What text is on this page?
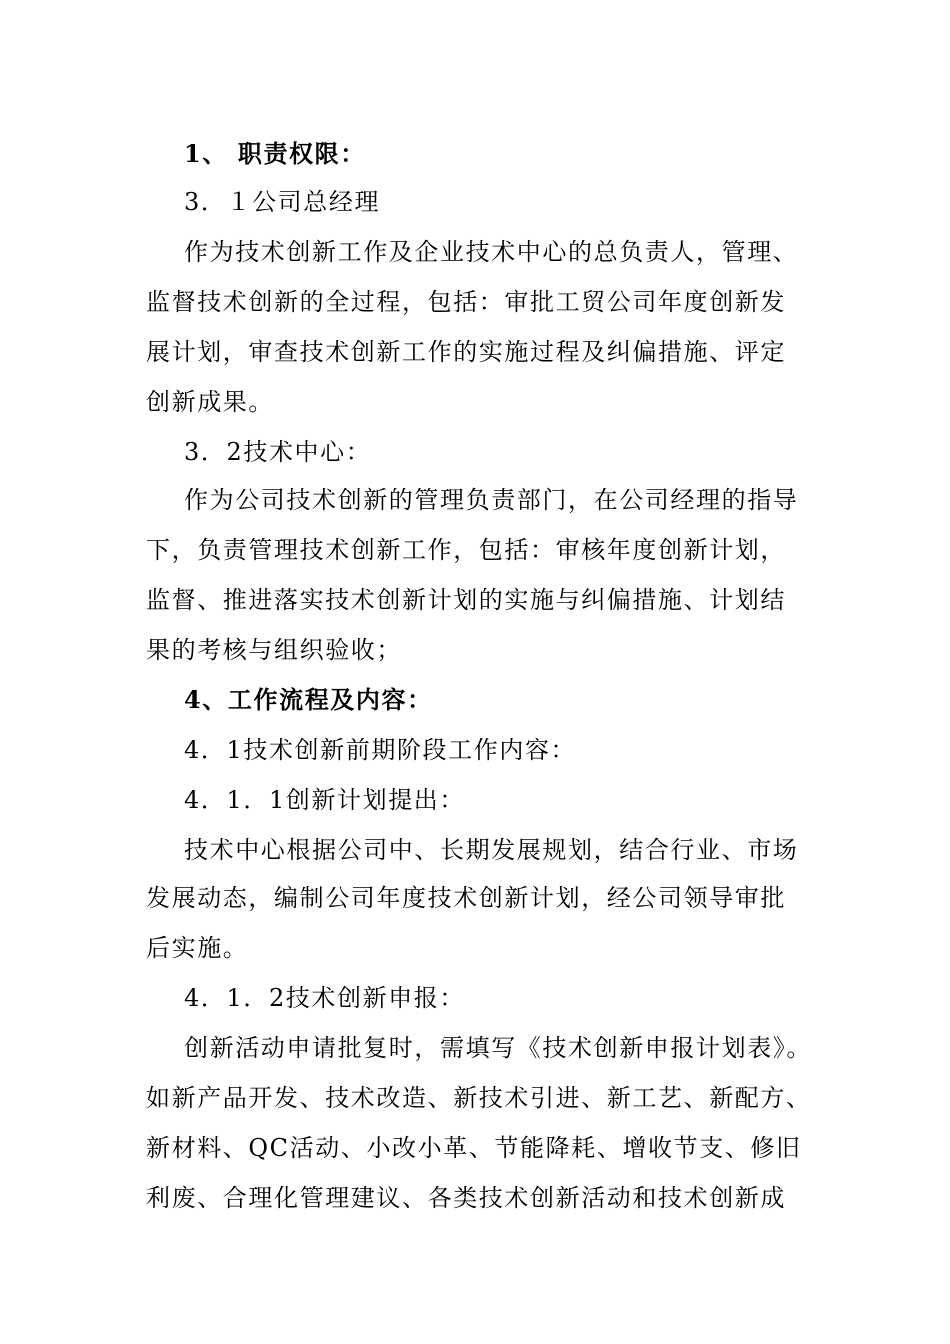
1、 职责权限：
3．１公司总经理
作为技术创新工作及企业技术中心的总负责人，管理、
监督技术创新的全过程，包括：审批工贸公司年度创新发
展计划，审查技术创新工作的实施过程及纠偏措施、评定
创新成果。
3．2技术中心：
作为公司技术创新的管理负责部门，在公司经理的指导
下，负责管理技术创新工作，包括：审核年度创新计划，
监督、推进落实技术创新计划的实施与纠偏措施、计划结
果的考核与组织验收；
4、工作流程及内容：
4．1技术创新前期阶段工作内容：
4．1．1创新计划提出：
技术中心根据公司中、长期发展规划，结合行业、市场
发展动态，编制公司年度技术创新计划，经公司领导审批
后实施。
4．1．2技术创新申报：
创新活动申请批复时，需填写《技术创新申报计划表》。
如新产品开发、技术改造、新技术引进、新工艺、新配方、
新材料、QC活动、小改小革、节能降耗、增收节支、修旧
利废、合理化管理建议、各类技术创新活动和技术创新成
